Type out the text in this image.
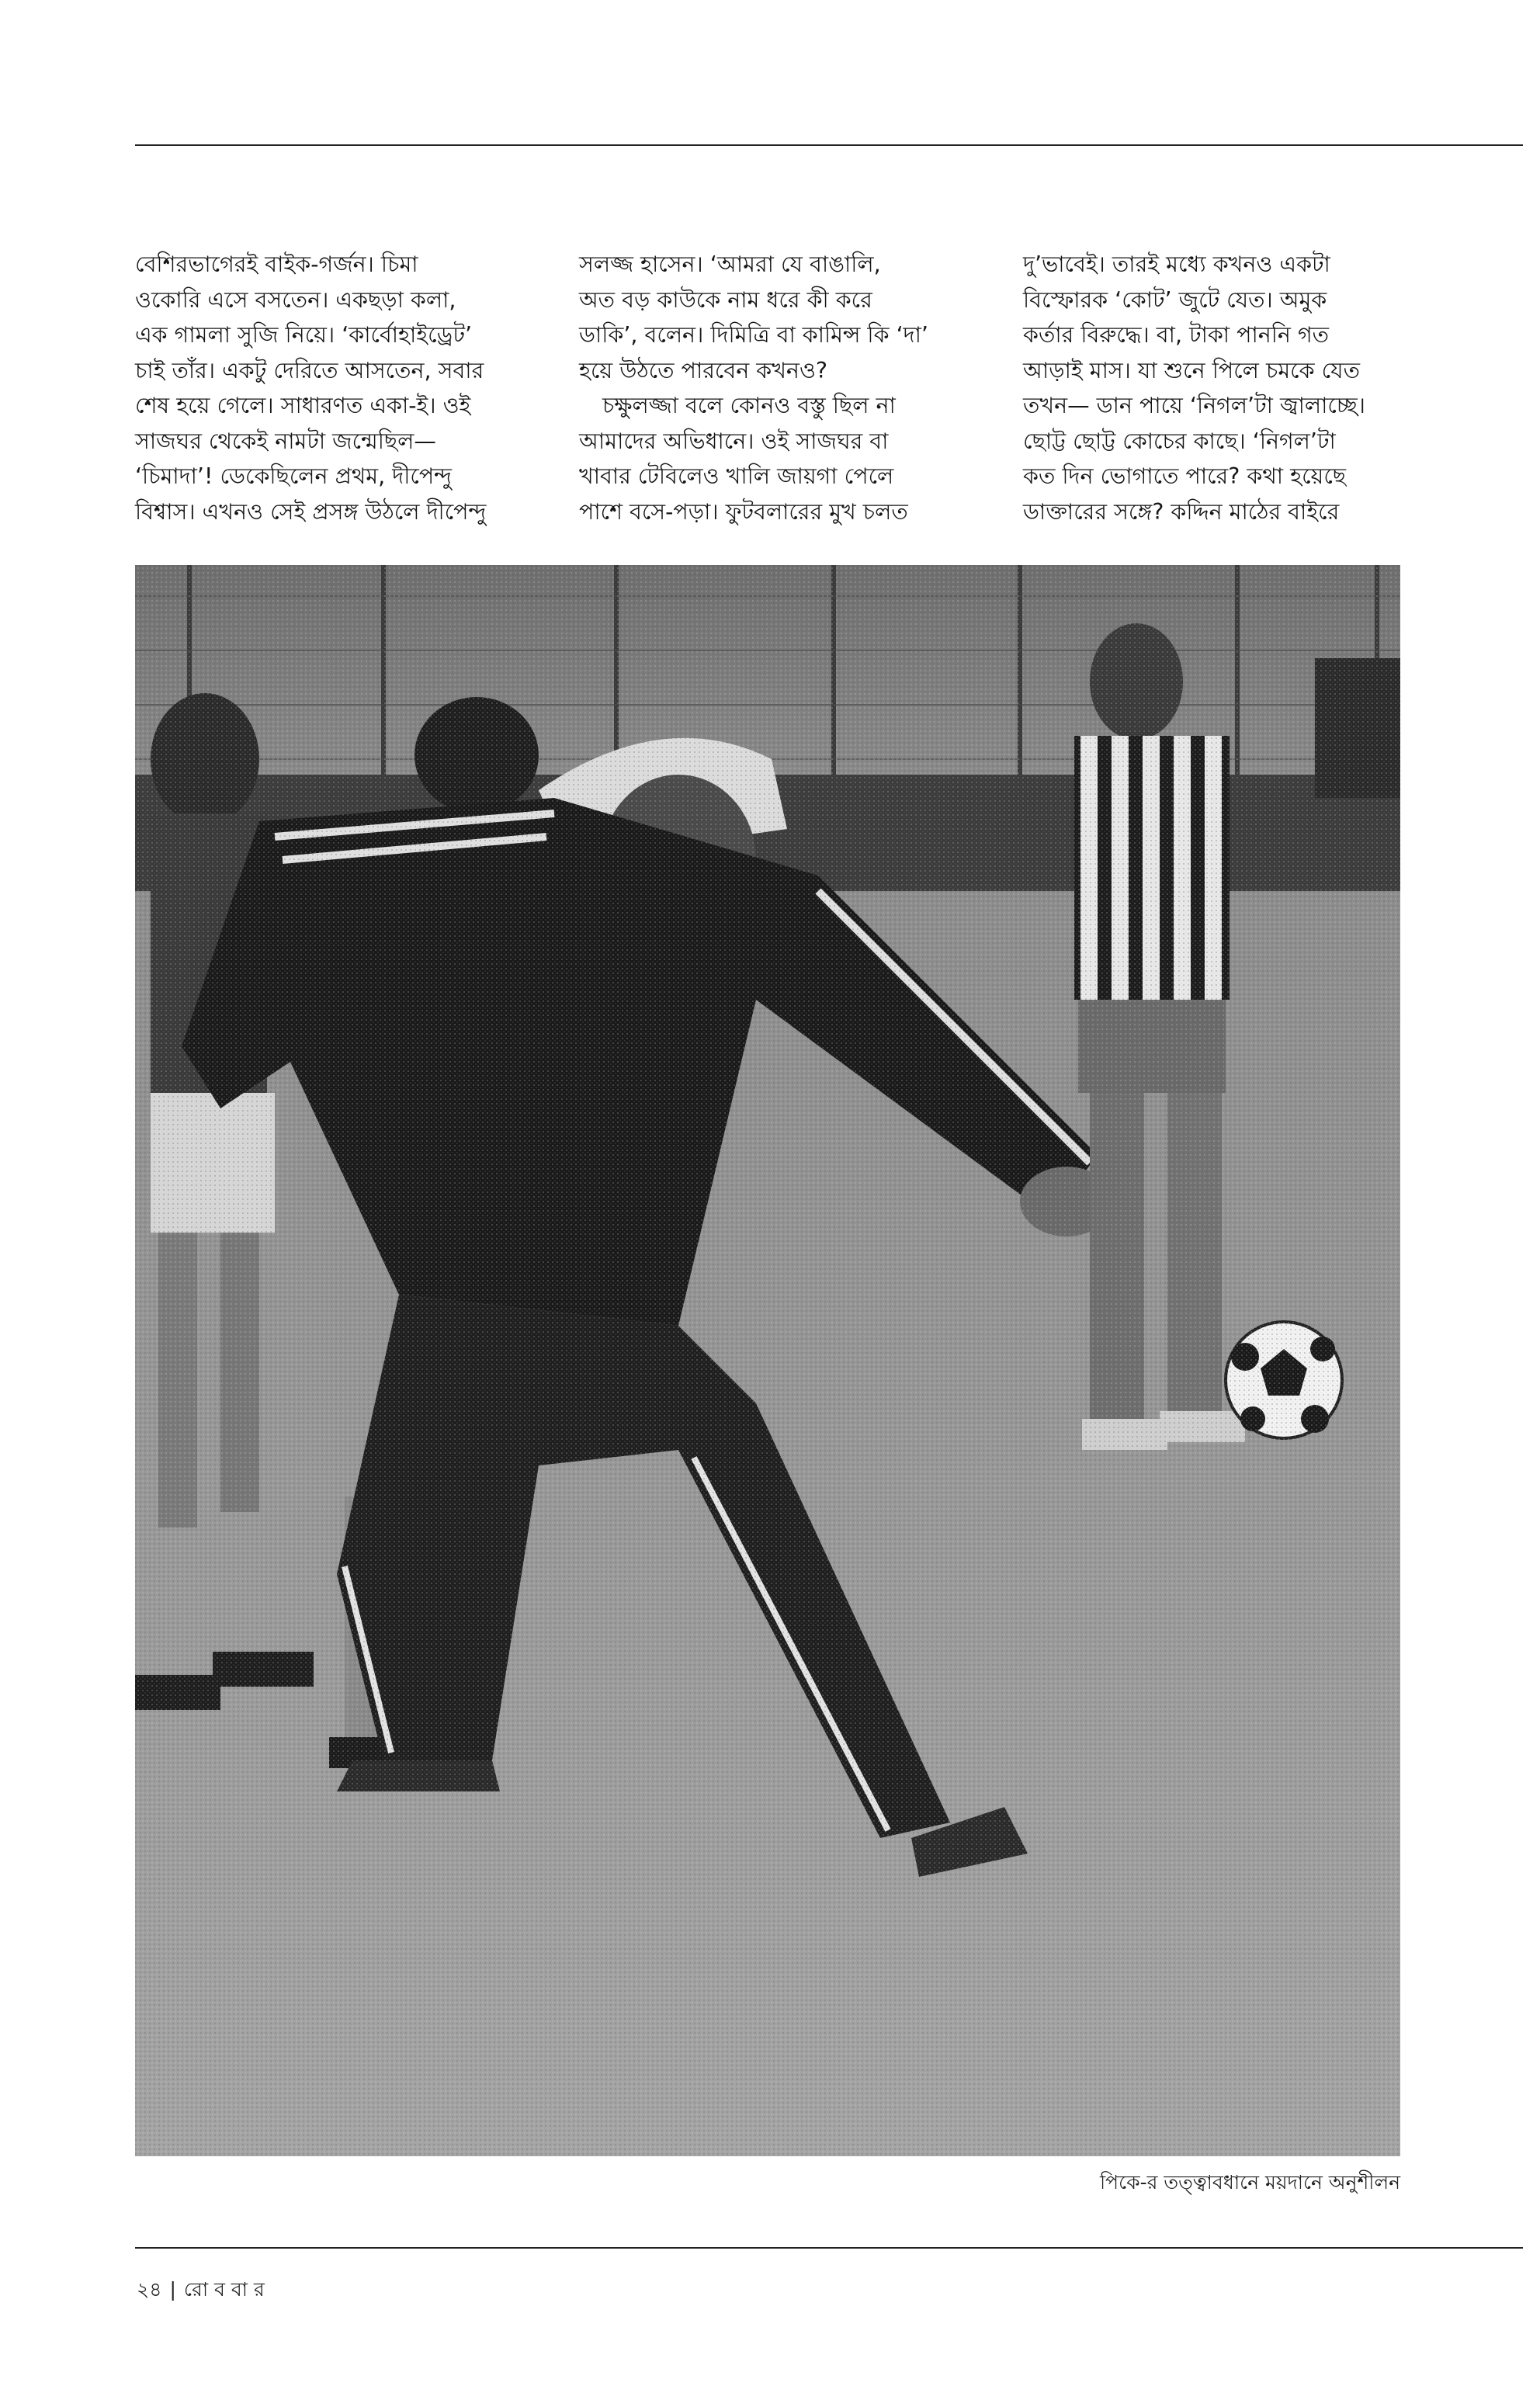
বেশিরভাগেরই বাইক-গর্জন। চিমা
ওকোরি এসে বসতেন। একছড়া কলা,
এক গামলা সুজি নিয়ে। ‘কার্বোহাইড্রেট’
চাই তাঁর। একটু দেরিতে আসতেন, সবার
শেষ হয়ে গেলে। সাধারণত একা-ই। ওই
সাজঘর থেকেই নামটা জন্মেছিল—
‘চিমাদা’! ডেকেছিলেন প্রথম, দীপেন্দু
বিশ্বাস। এখনও সেই প্রসঙ্গ উঠলে দীপেন্দু
সলজ্জ হাসেন। ‘আমরা যে বাঙালি,
অত বড় কাউকে নাম ধরে কী করে
ডাকি’, বলেন। দিমিত্রি বা কামিন্স কি ‘দা’
হয়ে উঠতে পারবেন কখনও?
চক্ষুলজ্জা বলে কোনও বস্তু ছিল না
আমাদের অভিধানে। ওই সাজঘর বা
খাবার টেবিলেও খালি জায়গা পেলে
পাশে বসে-পড়া। ফুটবলারের মুখ চলত
দু’ভাবেই। তারই মধ্যে কখনও একটা
বিস্ফোরক ‘কোট’ জুটে যেত। অমুক
কর্তার বিরুদ্ধে। বা, টাকা পাননি গত
আড়াই মাস। যা শুনে পিলে চমকে যেত
তখন— ডান পায়ে ‘নিগল’টা জ্বালাচ্ছে।
ছোট্ট ছোট্ট কোচের কাছে। ‘নিগল’টা
কত দিন ভোগাতে পারে? কথা হয়েছে
ডাক্তারের সঙ্গে? কদ্দিন মাঠের বাইরে
পিকে-র তত্ত্বাবধানে ময়দানে অনুশীলন
২৪ | রো ব বা র
